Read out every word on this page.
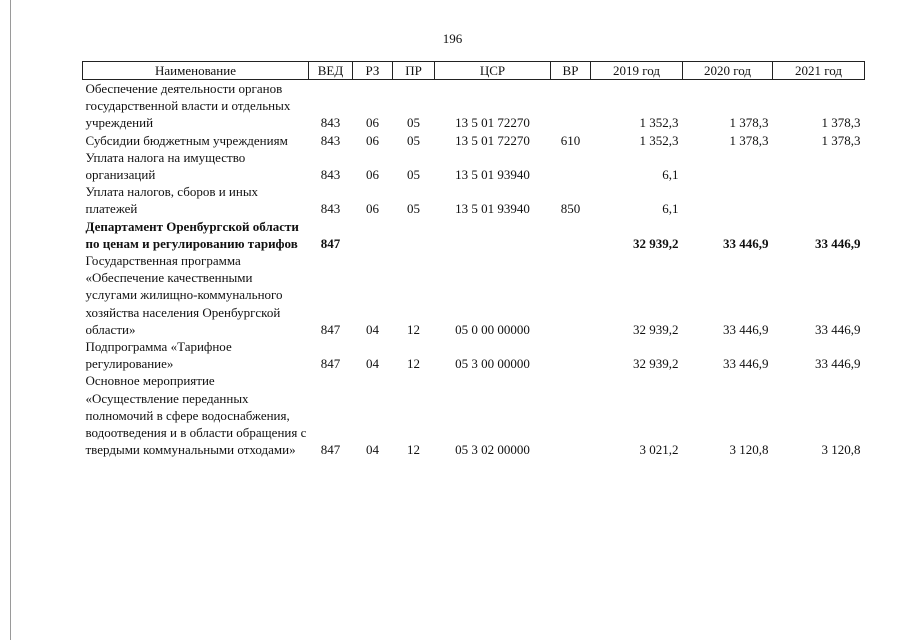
196
Наименование	ВЕД	РЗ	ПР	ЦСР	ВР	2019 год	2020 год	2021 год
Обеспечение деятельности органов государственной власти и отдельных учреждений	843	06	05	13 5 01 72270		1 352,3	1 378,3	1 378,3
Субсидии бюджетным учреждениям	843	06	05	13 5 01 72270	610	1 352,3	1 378,3	1 378,3
Уплата налога на имущество организаций	843	06	05	13 5 01 93940		6,1		
Уплата налогов, сборов и иных платежей	843	06	05	13 5 01 93940	850	6,1		
Департамент Оренбургской области по ценам и регулированию тарифов	847					32 939,2	33 446,9	33 446,9
Государственная программа «Обеспечение качественными услугами жилищно-коммунального хозяйства населения Оренбургской области»	847	04	12	05 0 00 00000		32 939,2	33 446,9	33 446,9
Подпрограмма «Тарифное регулирование»	847	04	12	05 3 00 00000		32 939,2	33 446,9	33 446,9
Основное мероприятие «Осуществление переданных полномочий в сфере водоснабжения, водоотведения и в области обращения с твердыми коммунальными отходами»	847	04	12	05 3 02 00000		3 021,2	3 120,8	3 120,8
